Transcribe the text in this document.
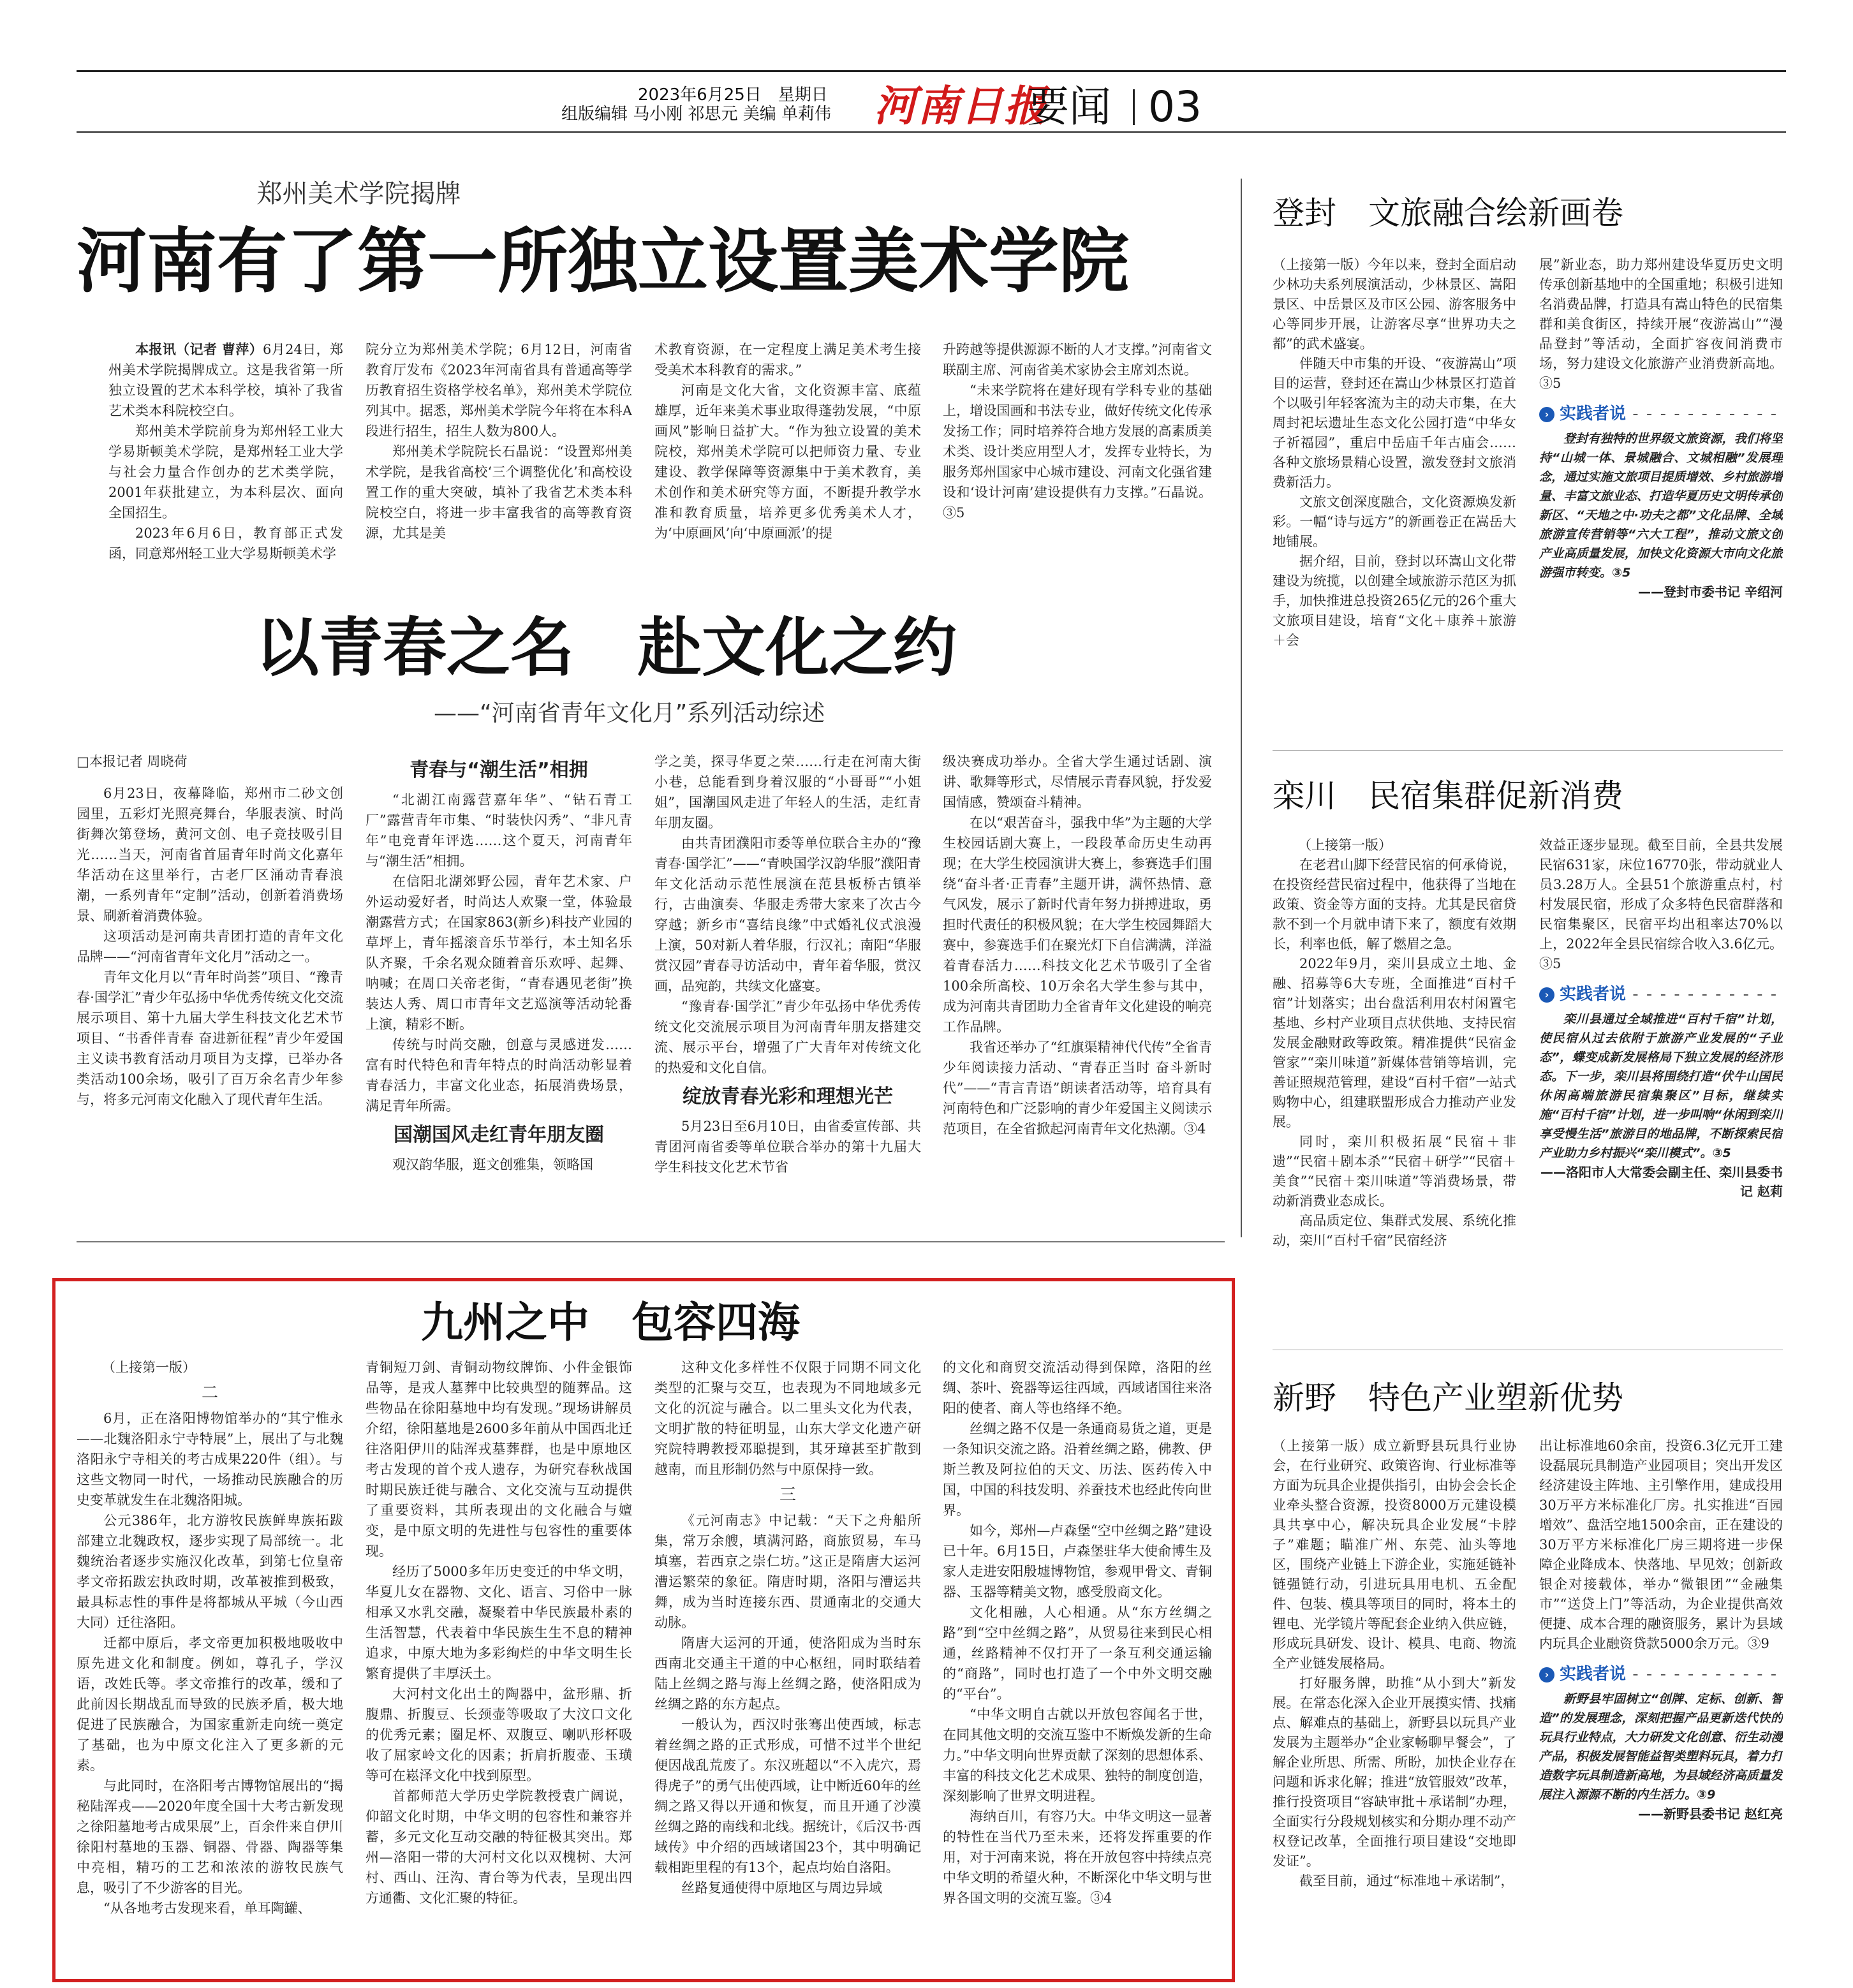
2023年6月25日　星期日
组版编辑 马小刚 祁思元 美编 单莉伟 河南日报
要闻 03
郑州美术学院揭牌
河南有了第一所独立设置美术学院

本报讯（记者 曹萍）6月24日，郑州美术学院揭牌成立。这是我省第一所独立设置的艺术本科学校，填补了我省艺术类本科院校空白。

郑州美术学院前身为郑州轻工业大学易斯顿美术学院，是郑州轻工业大学与社会力量合作创办的艺术类学院，2001年获批建立，为本科层次、面向全国招生。

2023年6月6日，教育部正式发函，同意郑州轻工业大学易斯顿美术学

院分立为郑州美术学院；6月12日，河南省教育厅发布《2023年河南省具有普通高等学历教育招生资格学校名单》，郑州美术学院位列其中。据悉，郑州美术学院今年将在本科A段进行招生，招生人数为800人。

郑州美术学院院长石晶说：“设置郑州美术学院，是我省高校‘三个调整优化’和高校设置工作的重大突破，填补了我省艺术类本科院校空白，将进一步丰富我省的高等教育资源，尤其是美

术教育资源，在一定程度上满足美术考生接受美术本科教育的需求。”

河南是文化大省，文化资源丰富、底蕴雄厚，近年来美术事业取得蓬勃发展，“中原画风”影响日益扩大。“作为独立设置的美术院校，郑州美术学院可以把师资力量、专业建设、教学保障等资源集中于美术教育，美术创作和美术研究等方面，不断提升教学水准和教育质量，培养更多优秀美术人才，为‘中原画风’向‘中原画派’的提

升跨越等提供源源不断的人才支撑。”河南省文联副主席、河南省美术家协会主席刘杰说。

“未来学院将在建好现有学科专业的基础上，增设国画和书法专业，做好传统文化传承发扬工作；同时培养符合地方发展的高素质美术类、设计类应用型人才，发挥专业特长，为服务郑州国家中心城市建设、河南文化强省建设和‘设计河南’建设提供有力支撑。”石晶说。③5

以青春之名　赴文化之约
——“河南省青年文化月”系列活动综述

□本报记者 周晓荷

6月23日，夜幕降临，郑州市二砂文创园里，五彩灯光照亮舞台，华服表演、时尚街舞次第登场，黄河文创、电子竞技吸引目光……当天，河南省首届青年时尚文化嘉年华活动在这里举行，古老厂区涌动青春浪潮，一系列青年“定制”活动，创新着消费场景、刷新着消费体验。

这项活动是河南共青团打造的青年文化品牌——“河南省青年文化月”活动之一。

青年文化月以“青年时尚荟”项目、“豫青春·国学汇”青少年弘扬中华优秀传统文化交流展示项目、第十九届大学生科技文化艺术节项目、“书香伴青春 奋进新征程”青少年爱国主义读书教育活动月项目为支撑，已举办各类活动100余场，吸引了百万余名青少年参与，将多元河南文化融入了现代青年生活。

青春与“潮生活”相拥

“北湖江南露营嘉年华”、“钻石青工厂”露营青年市集、“时装快闪秀”、“非凡青年”电竞青年评选……这个夏天，河南青年与“潮生活”相拥。

在信阳北湖郊野公园，青年艺术家、户外运动爱好者，时尚达人欢聚一堂，体验最潮露营方式；在国家863(新乡)科技产业园的草坪上，青年摇滚音乐节举行，本土知名乐队齐聚，千余名观众随着音乐欢呼、起舞、呐喊；在周口关帝老街，“青春遇见老街”换装达人秀、周口市青年文艺巡演等活动轮番上演，精彩不断。

传统与时尚交融，创意与灵感迸发……富有时代特色和青年特点的时尚活动彰显着青春活力，丰富文化业态，拓展消费场景，满足青年所需。

国潮国风走红青年朋友圈

观汉韵华服，逛文创雅集，领略国

学之美，探寻华夏之荣……行走在河南大街小巷，总能看到身着汉服的“小哥哥”“小姐姐”，国潮国风走进了年轻人的生活，走红青年朋友圈。

由共青团濮阳市委等单位联合主办的“豫青春·国学汇”——“青映国学汉韵华服”濮阳青年文化活动示范性展演在范县板桥古镇举行，古曲演奏、华服走秀带大家来了次古今穿越；新乡市“喜结良缘”中式婚礼仪式浪漫上演，50对新人着华服，行汉礼；南阳“华服赏汉园”青春寻访活动中，青年着华服，赏汉画，品宛韵，共续文化盛宴。

“豫青春·国学汇”青少年弘扬中华优秀传统文化交流展示项目为河南青年朋友搭建交流、展示平台，增强了广大青年对传统文化的热爱和文化自信。

绽放青春光彩和理想光芒

5月23日至6月10日，由省委宣传部、共青团河南省委等单位联合举办的第十九届大学生科技文化艺术节省

级决赛成功举办。全省大学生通过话剧、演讲、歌舞等形式，尽情展示青春风貌，抒发爱国情感，赞颂奋斗精神。

在以“艰苦奋斗，强我中华”为主题的大学生校园话剧大赛上，一段段革命历史生动再现；在大学生校园演讲大赛上，参赛选手们围绕“奋斗者·正青春”主题开讲，满怀热情、意气风发，展示了新时代青年努力拼搏进取，勇担时代责任的积极风貌；在大学生校园舞蹈大赛中，参赛选手们在聚光灯下自信满满，洋溢着青春活力……科技文化艺术节吸引了全省100余所高校、10万余名大学生参与其中，成为河南共青团助力全省青年文化建设的响亮工作品牌。

我省还举办了“红旗渠精神代代传”全省青少年阅读接力活动、“青春正当时 奋斗新时代”——“青言青语”朗读者活动等，培育具有河南特色和广泛影响的青少年爱国主义阅读示范项目，在全省掀起河南青年文化热潮。③4

九州之中　包容四海

（上接第一版）

二

6月，正在洛阳博物馆举办的“其宁惟永——北魏洛阳永宁寺特展”上，展出了与北魏洛阳永宁寺相关的考古成果220件（组）。与这些文物同一时代，一场推动民族融合的历史变革就发生在北魏洛阳城。

公元386年，北方游牧民族鲜卑族拓跋部建立北魏政权，逐步实现了局部统一。北魏统治者逐步实施汉化改革，到第七位皇帝孝文帝拓跋宏执政时期，改革被推到极致，最具标志性的事件是将都城从平城（今山西大同）迁往洛阳。

迁都中原后，孝文帝更加积极地吸收中原先进文化和制度。例如，尊孔子，学汉语，改姓氏等。孝文帝推行的改革，缓和了此前因长期战乱而导致的民族矛盾，极大地促进了民族融合，为国家重新走向统一奠定了基础，也为中原文化注入了更多新的元素。

与此同时，在洛阳考古博物馆展出的“揭秘陆浑戎——2020年度全国十大考古新发现之徐阳墓地考古成果展”上，百余件来自伊川徐阳村墓地的玉器、铜器、骨器、陶器等集中亮相，精巧的工艺和浓浓的游牧民族气息，吸引了不少游客的目光。

“从各地考古发现来看，单耳陶罐、

青铜短刀剑、青铜动物纹牌饰、小件金银饰品等，是戎人墓葬中比较典型的随葬品。这些物品在徐阳墓地中均有发现。”现场讲解员介绍，徐阳墓地是2600多年前从中国西北迁往洛阳伊川的陆浑戎墓葬群，也是中原地区考古发现的首个戎人遗存，为研究春秋战国时期民族迁徙与融合、文化交流与互动提供了重要资料，其所表现出的文化融合与嬗变，是中原文明的先进性与包容性的重要体现。

经历了5000多年历史变迁的中华文明，华夏儿女在器物、文化、语言、习俗中一脉相承又水乳交融，凝聚着中华民族最朴素的生活智慧，代表着中华民族生生不息的精神追求，中原大地为多彩绚烂的中华文明生长繁育提供了丰厚沃土。

大河村文化出土的陶器中，盆形鼎、折腹鼎、折腹豆、长颈壶等吸取了大汶口文化的优秀元素；圈足杯、双腹豆、喇叭形杯吸收了屈家岭文化的因素；折肩折腹壶、玉璜等可在崧泽文化中找到原型。

首都师范大学历史学院教授袁广阔说，仰韶文化时期，中华文明的包容性和兼容并蓄，多元文化互动交融的特征极其突出。郑州—洛阳一带的大河村文化以双槐树、大河村、西山、汪沟、青台等为代表，呈现出四方通衢、文化汇聚的特征。

这种文化多样性不仅限于同期不同文化类型的汇聚与交互，也表现为不同地域多元文化的沉淀与融合。以二里头文化为代表，文明扩散的特征明显，山东大学文化遗产研究院特聘教授邓聪提到，其牙璋甚至扩散到越南，而且形制仍然与中原保持一致。

三

《元河南志》中记载：“天下之舟船所集，常万余艘，填满河路，商旅贸易，车马填塞，若西京之崇仁坊。”这正是隋唐大运河漕运繁荣的象征。隋唐时期，洛阳与漕运共舞，成为当时连接东西、贯通南北的交通大动脉。

隋唐大运河的开通，使洛阳成为当时东西南北交通主干道的中心枢纽，同时联结着陆上丝绸之路与海上丝绸之路，使洛阳成为丝绸之路的东方起点。

一般认为，西汉时张骞出使西域，标志着丝绸之路的正式形成，可惜不过半个世纪便因战乱荒废了。东汉班超以“不入虎穴，焉得虎子”的勇气出使西域，让中断近60年的丝绸之路又得以开通和恢复，而且开通了沙漠丝绸之路的南线和北线。据统计，《后汉书·西域传》中介绍的西域诸国23个，其中明确记载相距里程的有13个，起点均始自洛阳。

丝路复通使得中原地区与周边异域

的文化和商贸交流活动得到保障，洛阳的丝绸、茶叶、瓷器等运往西域，西域诸国往来洛阳的使者、商人等也络绎不绝。

丝绸之路不仅是一条通商易货之道，更是一条知识交流之路。沿着丝绸之路，佛教、伊斯兰教及阿拉伯的天文、历法、医药传入中国，中国的科技发明、养蚕技术也经此传向世界。

如今，郑州—卢森堡“空中丝绸之路”建设已十年。6月15日，卢森堡驻华大使俞博生及家人走进安阳殷墟博物馆，参观甲骨文、青铜器、玉器等精美文物，感受殷商文化。

文化相融，人心相通。从“东方丝绸之路”到“空中丝绸之路”，从贸易往来到民心相通，丝路精神不仅打开了一条互利交通运输的“商路”，同时也打造了一个中外文明交融的“平台”。

“中华文明自古就以开放包容闻名于世，在同其他文明的交流互鉴中不断焕发新的生命力。”中华文明向世界贡献了深刻的思想体系、丰富的科技文化艺术成果、独特的制度创造，深刻影响了世界文明进程。

海纳百川，有容乃大。中华文明这一显著的特性在当代乃至未来，还将发挥重要的作用，对于河南来说，将在开放包容中持续点亮中华文明的希望火种，不断深化中华文明与世界各国文明的交流互鉴。③4

登封　文旅融合绘新画卷

（上接第一版）今年以来，登封全面启动少林功夫系列展演活动，少林景区、嵩阳景区、中岳景区及市区公园、游客服务中心等同步开展，让游客尽享“世界功夫之都”的武术盛宴。

伴随天中市集的开设、“夜游嵩山”项目的运营，登封还在嵩山少林景区打造首个以吸引年轻客流为主的动夫市集，在大周封祀坛遗址生态文化公园打造“中华女子祈福园”，重启中岳庙千年古庙会……各种文旅场景精心设置，激发登封文旅消费新活力。

文旅文创深度融合，文化资源焕发新彩。一幅“诗与远方”的新画卷正在嵩岳大地铺展。

据介绍，目前，登封以环嵩山文化带建设为统揽，以创建全域旅游示范区为抓手，加快推进总投资265亿元的26个重大文旅项目建设，培育“文化＋康养＋旅游＋会

展”新业态，助力郑州建设华夏历史文明传承创新基地中的全国重地；积极引进知名消费品牌，打造具有嵩山特色的民宿集群和美食街区，持续开展“夜游嵩山”“漫品登封”等活动，全面扩容夜间消费市场，努力建设文化旅游产业消费新高地。③5

› 实践者说 - - - - - - - - - - -
登封有独特的世界级文旅资源，我们将坚持“山城一体、景城融合、文城相融”发展理念，通过实施文旅项目提质增效、乡村旅游增量、丰富文旅业态、打造华夏历史文明传承创新区、“天地之中·功夫之都”文化品牌、全域旅游宣传营销等“六大工程”，推动文旅文创产业高质量发展，加快文化资源大市向文化旅游强市转变。③5
——登封市委书记 辛绍河
栾川　民宿集群促新消费

（上接第一版）

在老君山脚下经营民宿的何承倚说，在投资经营民宿过程中，他获得了当地在政策、资金等方面的支持。尤其是民宿贷款不到一个月就申请下来了，额度有效期长，利率也低，解了燃眉之急。

2022年9月，栾川县成立土地、金融、招募等6大专班，全面推进“百村千宿”计划落实；出台盘活利用农村闲置宅基地、乡村产业项目点状供地、支持民宿发展金融财政等政策。精准提供“民宿金管家”“栾川味道”新媒体营销等培训，完善证照规范管理，建设“百村千宿”一站式购物中心，组建联盟形成合力推动产业发展。

同时，栾川积极拓展“民宿＋非遗”“民宿＋剧本杀”“民宿＋研学”“民宿＋美食”“民宿＋栾川味道”等消费场景，带动新消费业态成长。

高品质定位、集群式发展、系统化推动，栾川“百村千宿”民宿经济

效益正逐步显现。截至目前，全县共发展民宿631家，床位16770张，带动就业人员3.28万人。全县51个旅游重点村，村村发展民宿，形成了众多特色民宿群落和民宿集聚区，民宿平均出租率达70%以上，2022年全县民宿综合收入3.6亿元。③5

› 实践者说 - - - - - - - - - - -
栾川县通过全域推进“百村千宿”计划，使民宿从过去依附于旅游产业发展的“子业态”，蝶变成新发展格局下独立发展的经济形态。下一步，栾川县将围绕打造“伏牛山国民休闲高端旅游民宿集聚区”目标，继续实施“百村千宿”计划，进一步叫响“休闲到栾川享受慢生活”旅游目的地品牌，不断探索民宿产业助力乡村振兴“栾川模式”。③5
——洛阳市人大常委会副主任、栾川县委书记 赵莉
新野　特色产业塑新优势

（上接第一版）成立新野县玩具行业协会，在行业研究、政策咨询、行业标准等方面为玩具企业提供指引，由协会会长企业牵头整合资源，投资8000万元建设模具共享中心，解决玩具企业发展“卡脖子”难题；瞄准广州、东莞、汕头等地区，围绕产业链上下游企业，实施延链补链强链行动，引进玩具用电机、五金配件、包装、模具等项目的同时，将本土的锂电、光学镜片等配套企业纳入供应链，形成玩具研发、设计、模具、电商、物流全产业链发展格局。

打好服务牌，助推“从小到大”新发展。在常态化深入企业开展摸实情、找痛点、解难点的基础上，新野县以玩具产业发展为主题举办“企业家畅聊早餐会”，了解企业所思、所需、所盼，加快企业存在问题和诉求化解；推进“放管服效”改革，推行投资项目“容缺审批＋承诺制”办理，全面实行分段规划核实和分期办理不动产权登记改革，全面推行项目建设“交地即发证”。

截至目前，通过“标准地＋承诺制”，

出让标准地60余亩，投资6.3亿元开工建设磊展玩具制造产业园项目；突出开发区经济建设主阵地、主引擎作用，建成投用30万平方米标准化厂房。扎实推进“百园增效”、盘活空地1500余亩，正在建设的30万平方米标准化厂房三期将进一步保障企业降成本、快落地、早见效；创新政银企对接载体，举办“微银团”“金融集市”“送贷上门”等活动，为企业提供高效便捷、成本合理的融资服务，累计为县域内玩具企业融资贷款5000余万元。③9

› 实践者说 - - - - - - - - - - -
新野县牢固树立“创牌、定标、创新、智造”的发展理念，深刻把握产品更新迭代快的玩具行业特点，大力研发文化创意、衍生动漫产品，积极发展智能益智类塑料玩具，着力打造数字玩具制造新高地，为县域经济高质量发展注入源源不断的内生活力。③9
——新野县委书记 赵红亮
